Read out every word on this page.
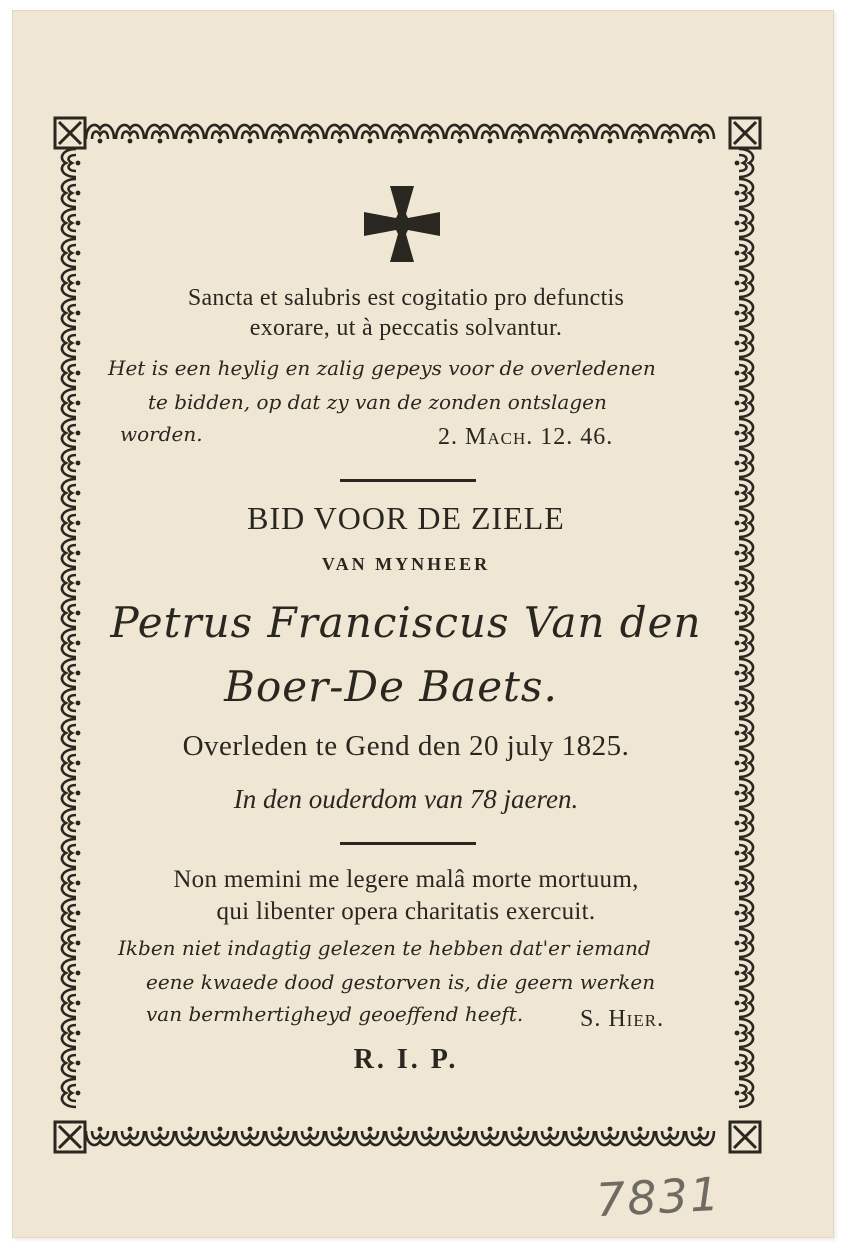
Sancta et salubris est cogitatio pro defunctis
exorare, ut à peccatis solvantur.
Het is een heylig en zalig gepeys voor de overledenen
te bidden, op dat zy van de zonden ontslagen
worden.	2. Mach. 12. 46.
BID VOOR DE ZIELE
VAN MYNHEER
Petrus Franciscus Van den
Boer-De Baets.
Overleden te Gend den 20 july 1825.
In den ouderdom van 78 jaeren.
Non memini me legere malâ morte mortuum,
qui libenter opera charitatis exercuit.
Ikben niet indagtig gelezen te hebben dat'er iemand
eene kwaede dood gestorven is, die geern werken
van bermhertigheyd geoeffend heeft. S. Hier.
R. I. P.
7831
